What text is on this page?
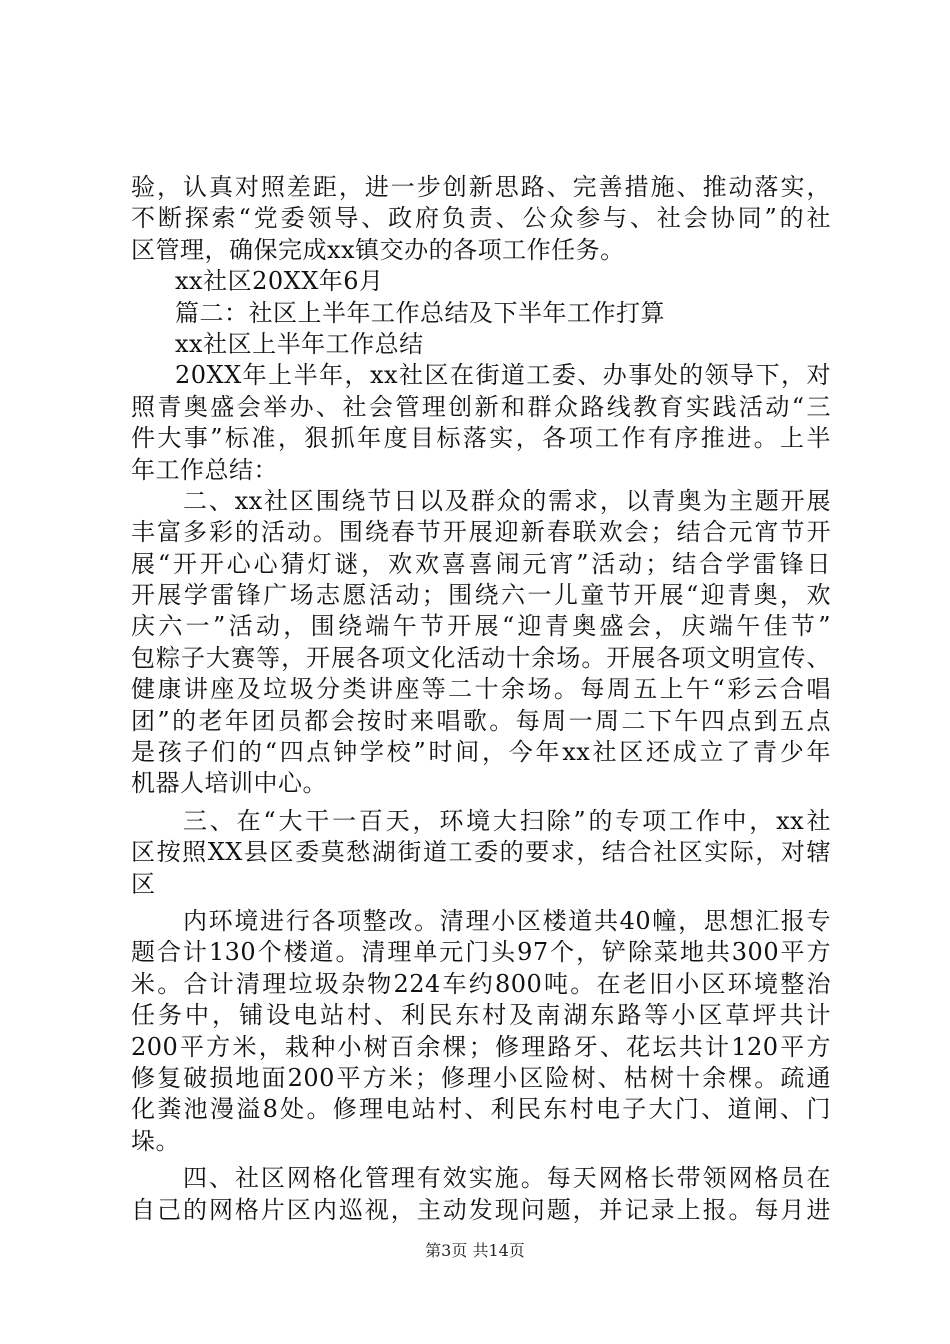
验，认真对照差距，进一步创新思路、完善措施、推动落实，
不断探索“党委领导、政府负责、公众参与、社会协同”的社
区管理，确保完成xx镇交办的各项工作任务。
xx社区20XX年6月
篇二：社区上半年工作总结及下半年工作打算
xx社区上半年工作总结
20XX年上半年，xx社区在街道工委、办事处的领导下，对
照青奥盛会举办、社会管理创新和群众路线教育实践活动“三
件大事”标准，狠抓年度目标落实，各项工作有序推进。上半
年工作总结：
二、xx社区围绕节日以及群众的需求，以青奥为主题开展
丰富多彩的活动。围绕春节开展迎新春联欢会；结合元宵节开
展“开开心心猜灯谜，欢欢喜喜闹元宵”活动；结合学雷锋日
开展学雷锋广场志愿活动；围绕六一儿童节开展“迎青奥，欢
庆六一”活动，围绕端午节开展“迎青奥盛会，庆端午佳节”
包粽子大赛等，开展各项文化活动十余场。开展各项文明宣传、
健康讲座及垃圾分类讲座等二十余场。每周五上午“彩云合唱
团”的老年团员都会按时来唱歌。每周一周二下午四点到五点
是孩子们的“四点钟学校”时间，今年xx社区还成立了青少年
机器人培训中心。
三、在“大干一百天，环境大扫除”的专项工作中，xx社
区按照XX县区委莫愁湖街道工委的要求，结合社区实际，对辖
区
内环境进行各项整改。清理小区楼道共40幢，思想汇报专
题合计130个楼道。清理单元门头97个，铲除菜地共300平方
米。合计清理垃圾杂物224车约800吨。在老旧小区环境整治
任务中，铺设电站村、利民东村及南湖东路等小区草坪共计
200平方米，栽种小树百余棵；修理路牙、花坛共计120平方
修复破损地面200平方米；修理小区险树、枯树十余棵。疏通
化粪池漫溢8处。修理电站村、利民东村电子大门、道闸、门
垛。
四、社区网格化管理有效实施。每天网格长带领网格员在
自己的网格片区内巡视，主动发现问题，并记录上报。每月进
第3页 共14页
